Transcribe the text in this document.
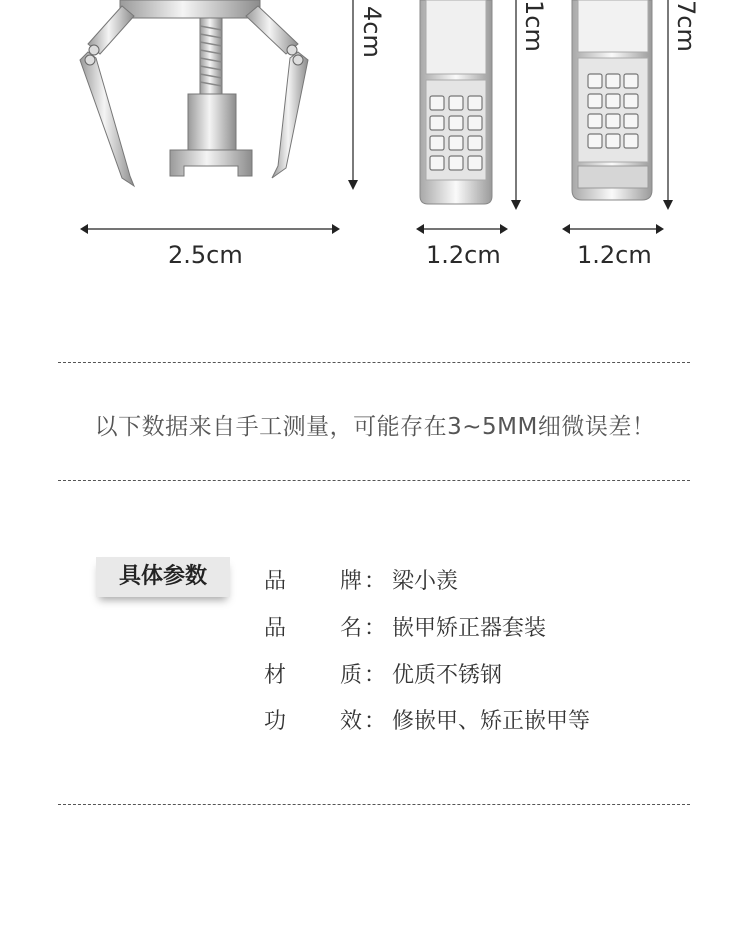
4cm
2.5cm
1cm
1.2cm
7cm
1.2cm
以下数据来自手工测量，可能存在3~5MM细微误差！
具体参数	品 牌 ： 梁小羡
品 名 ： 嵌甲矫正器套装
材 质 ： 优质不锈钢
功 效 ： 修嵌甲、矫正嵌甲等
